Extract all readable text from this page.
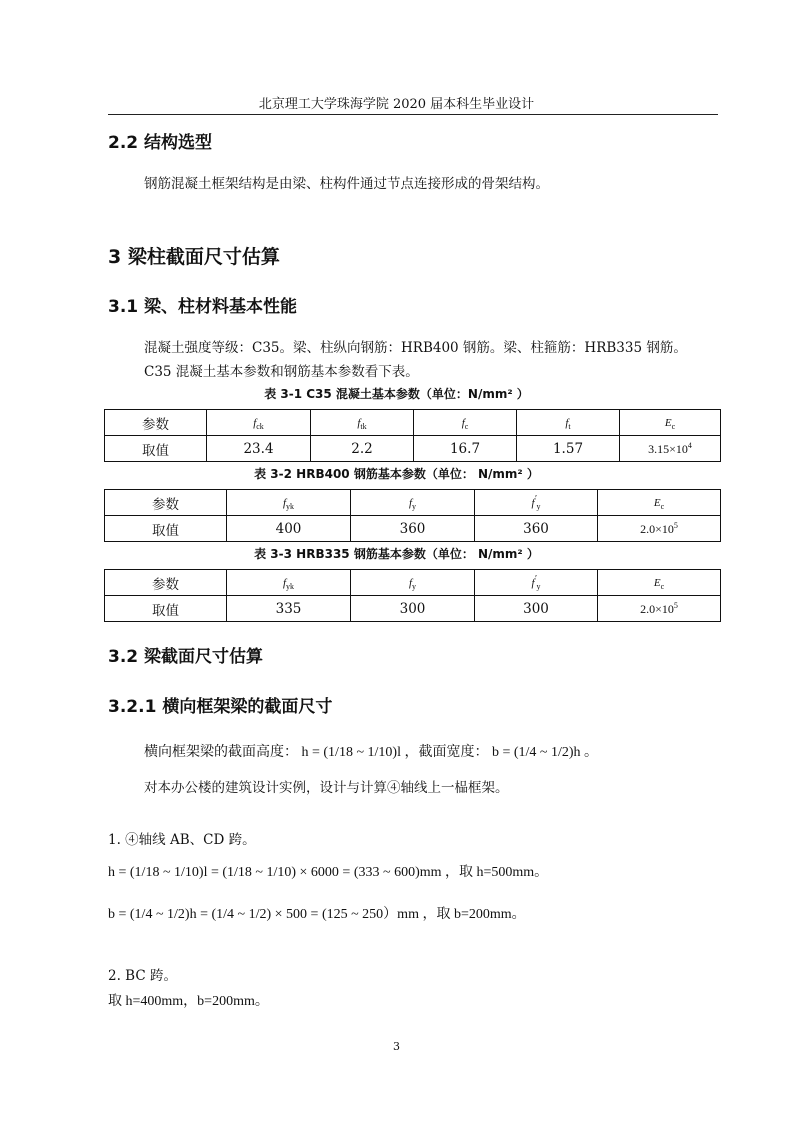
北京理工大学珠海学院 2020 届本科生毕业设计
2.2 结构选型
钢筋混凝土框架结构是由梁、柱构件通过节点连接形成的骨架结构。
3 梁柱截面尺寸估算
3.1 梁、柱材料基本性能
混凝土强度等级：C35。梁、柱纵向钢筋：HRB400 钢筋。梁、柱箍筋：HRB335 钢筋。
C35 混凝土基本参数和钢筋基本参数看下表。
表 3-1 C35 混凝土基本参数（单位：N/mm² ）
参数	$f_{ck}$	$f_{tk}$	$f_c$	$f_t$	$E_c$
取值	23.4	2.2	16.7	1.57	$3.15\times 10^4$
表 3-2 HRB400 钢筋基本参数（单位： N/mm² ）
参数	$f_{yk}$	$f_y$	$f'_y$	$E_c$
取值	400	360	360	$2.0\times 10^5$
表 3-3 HRB335 钢筋基本参数（单位： N/mm² ）
参数	$f_{yk}$	$f_y$	$f'_y$	$E_c$
取值	335	300	300	$2.0\times 10^5$
3.2 梁截面尺寸估算
3.2.1 横向框架梁的截面尺寸
横向框架梁的截面高度： h = (1/18 ~ 1/10)l ，截面宽度： b = (1/4 ~ 1/2)h 。
对本办公楼的建筑设计实例，设计与计算④轴线上一榀框架。
1. ④轴线 AB、CD 跨。
h = (1/18 ~ 1/10)l = (1/18 ~ 1/10) × 6000 = (333 ~ 600)mm ，取 h=500mm。
b = (1/4 ~ 1/2)h = (1/4 ~ 1/2) × 500 = (125 ~ 250）mm ，取 b=200mm。
2. BC 跨。
取 h=400mm，b=200mm。
3
